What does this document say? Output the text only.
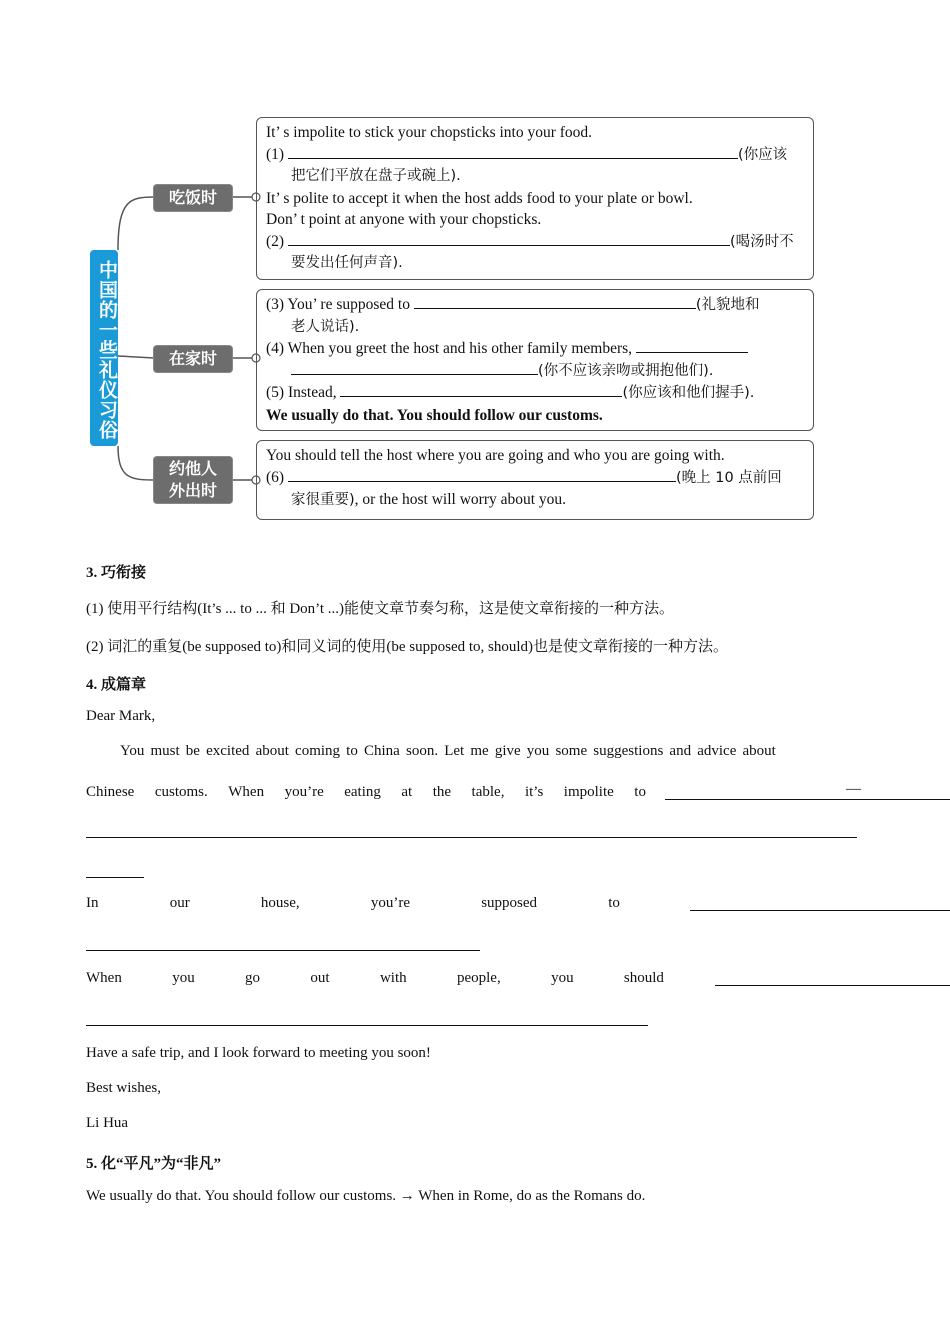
中国的一些礼仪习俗
吃饭时
在家时
约他人外出时

It’ s impolite to stick your chopsticks into your food.

(1)	(你应该

把它们平放在盘子或碗上).

It’ s polite to accept it when the host adds food to your plate or bowl.

Don’ t point at anyone with your chopsticks.

(2)	(喝汤时不

要发出任何声音).

(3) You’ re supposed to	(礼貌地和

老人说话).

(4) When you greet the host and his other family members,

(你不应该亲吻或拥抱他们).

(5) Instead,	(你应该和他们握手).

We usually do that. You should follow our customs.

You should tell the host where you are going and who you are going with.

(6)	(晚上 10 点前回

家很重要), or the host will worry about you.

3. 巧衔接
(1) 使用平行结构(It’s ... to ... 和 Don’t ...)能使文章节奏匀称，这是使文章衔接的一种方法。
(2) 词汇的重复(be supposed to)和同义词的使用(be supposed to, should)也是使文章衔接的一种方法。
4. 成篇章
Dear Mark,
You must be excited about coming to China soon. Let me give you some suggestions and advice about
Chinese customs. When you’re eating at the table, it’s impolite to	—
In	our	house,	you’re	supposed	to
When	you	go	out	with	people,	you	should
Have a safe trip, and I look forward to meeting you soon!
Best wishes,
Li Hua
5. 化“平凡”为“非凡”
We usually do that. You should follow our customs. → When in Rome, do as the Romans do.
